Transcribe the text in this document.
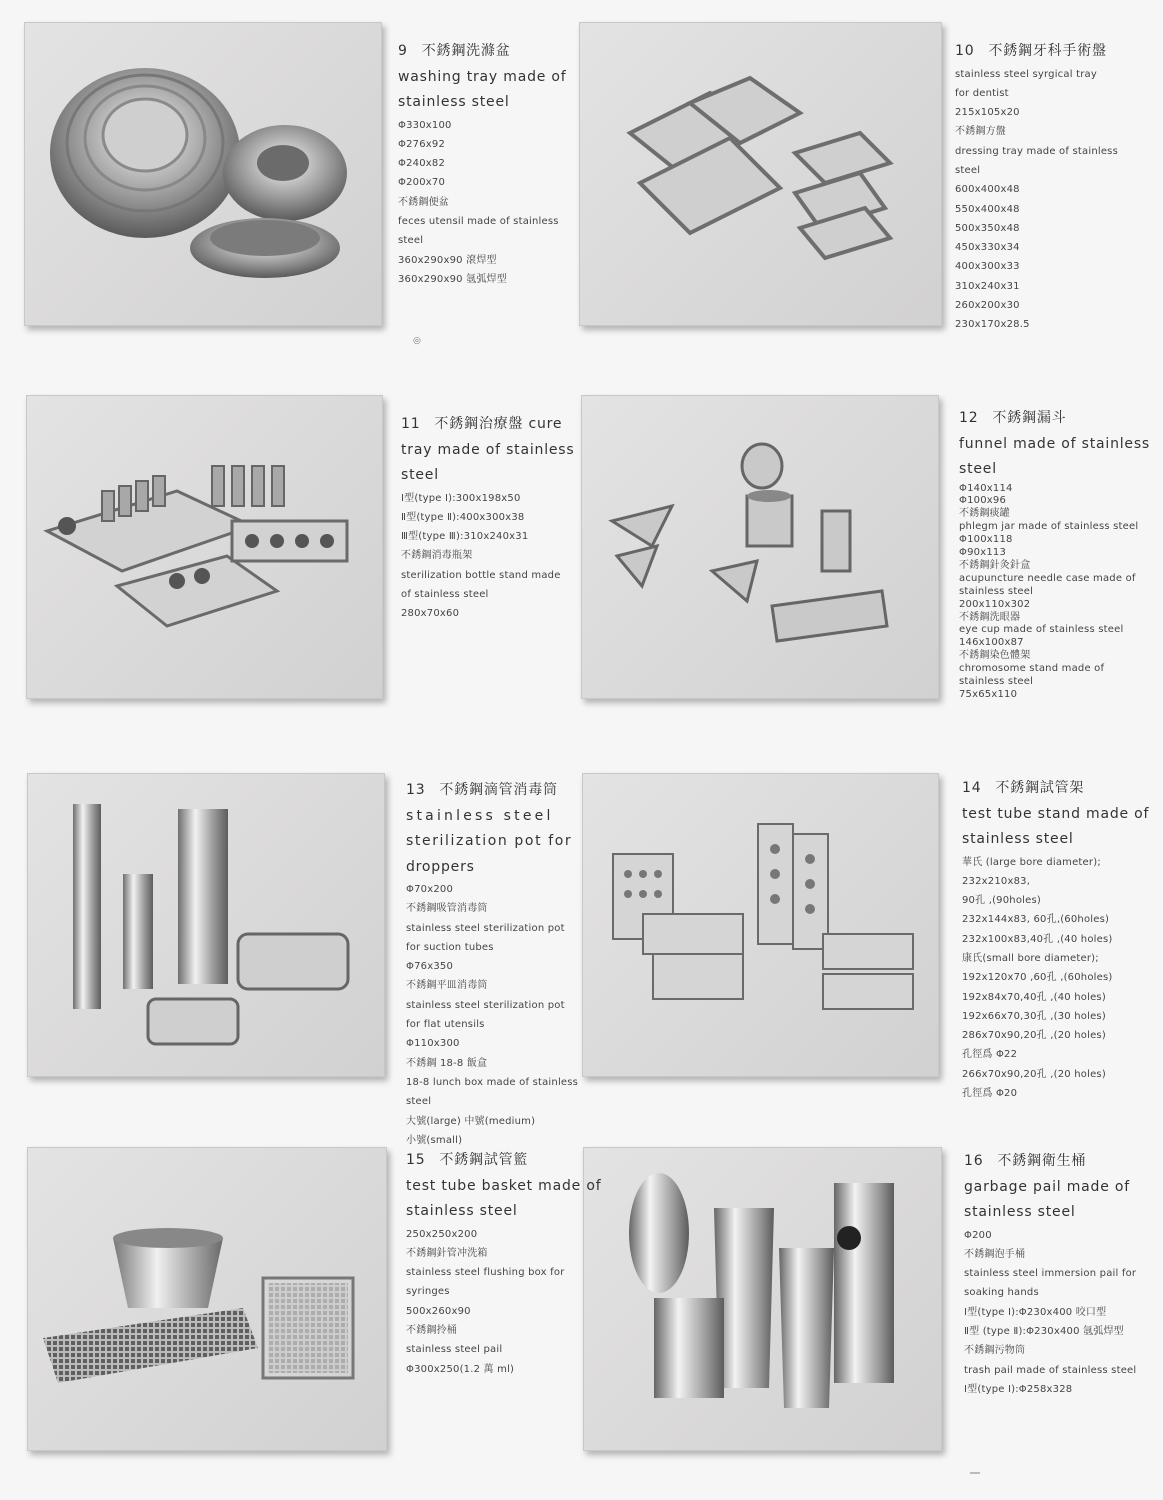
9 不銹鋼洗滌盆
washing tray made of
stainless steel
Φ330x100
Φ276x92
Φ240x82
Φ200x70
不銹鋼便盆
feces utensil made of stainless
steel
360x290x90 滾焊型
360x290x90 氬弧焊型
10 不銹鋼牙科手術盤
stainless steel syrgical tray
for dentist
215x105x20
不銹鋼方盤
dressing tray made of stainless
steel
600x400x48
550x400x48
500x350x48
450x330x34
400x300x33
310x240x31
260x200x30
230x170x28.5
◎
11 不銹鋼治療盤 cure
tray made of stainless
steel
Ⅰ型(type Ⅰ):300x198x50
Ⅱ型(type Ⅱ):400x300x38
Ⅲ型(type Ⅲ):310x240x31
不銹鋼消毒瓶架
sterilization bottle stand made
of stainless steel
280x70x60
12 不銹鋼漏斗
funnel made of stainless
steel
Φ140x114
Φ100x96
不銹鋼痰罐
phlegm jar made of stainless steel
Φ100x118
Φ90x113
不銹鋼針灸針盒
acupuncture needle case made of
stainless steel
200x110x302
不銹鋼洗眼器
eye cup made of stainless steel
146x100x87
不銹鋼染色體架
chromosome stand made of
stainless steel
75x65x110
13 不銹鋼滴管消毒筒
stainless steel
sterilization pot for
droppers
Φ70x200
不銹鋼吸管消毒筒
stainless steel sterilization pot
for suction tubes
Φ76x350
不銹鋼平皿消毒筒
stainless steel sterilization pot
for flat utensils
Φ110x300
不銹鋼 18-8 飯盒
18-8 lunch box made of stainless
steel
大號(large) 中號(medium)
小號(small)
14 不銹鋼試管架
test tube stand made of
stainless steel
華氏 (large bore diameter);
232x210x83,
90孔 ,(90holes)
232x144x83, 60孔,(60holes)
232x100x83,40孔 ,(40 holes)
康氏(small bore diameter);
192x120x70 ,60孔 ,(60holes)
192x84x70,40孔 ,(40 holes)
192x66x70,30孔 ,(30 holes)
286x70x90,20孔 ,(20 holes)
孔徑爲 Φ22
266x70x90,20孔 ,(20 holes)
孔徑爲 Φ20
15 不銹鋼試管籃
test tube basket made of
stainless steel
250x250x200
不銹鋼針管冲洗箱
stainless steel flushing box for
syringes
500x260x90
不銹鋼拎桶
stainless steel pail
Φ300x250(1.2 萬 ml)
16 不銹鋼衛生桶
garbage pail made of
stainless steel
Φ200
不銹鋼泡手桶
stainless steel immersion pail for
soaking hands
Ⅰ型(type Ⅰ):Φ230x400 咬口型
Ⅱ型 (type Ⅱ):Φ230x400 氬弧焊型
不銹鋼污物筒
trash pail made of stainless steel
Ⅰ型(type Ⅰ):Φ258x328
